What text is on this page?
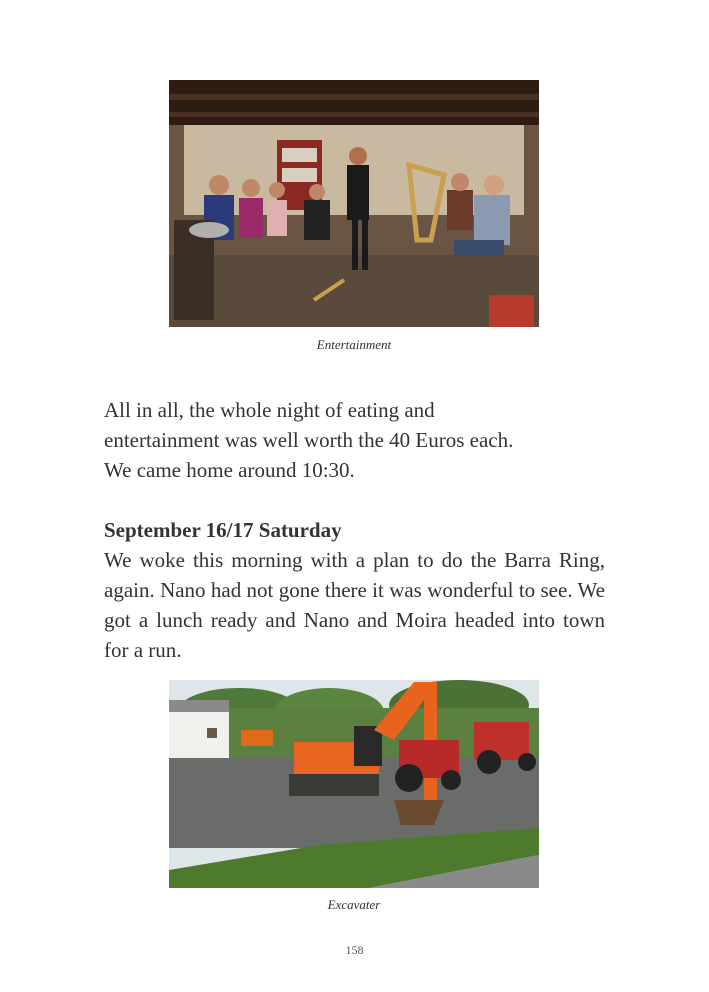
Entertainment
All in all, the whole night of eating and
entertainment was well worth the 40 Euros each.
We came home around 10:30.
September 16/17 Saturday
We woke this morning with a plan to do the Barra Ring, again. Nano had not gone there it was wonderful to see. We got a lunch ready and Nano and Moira headed into town for a run.
Excavater
158
